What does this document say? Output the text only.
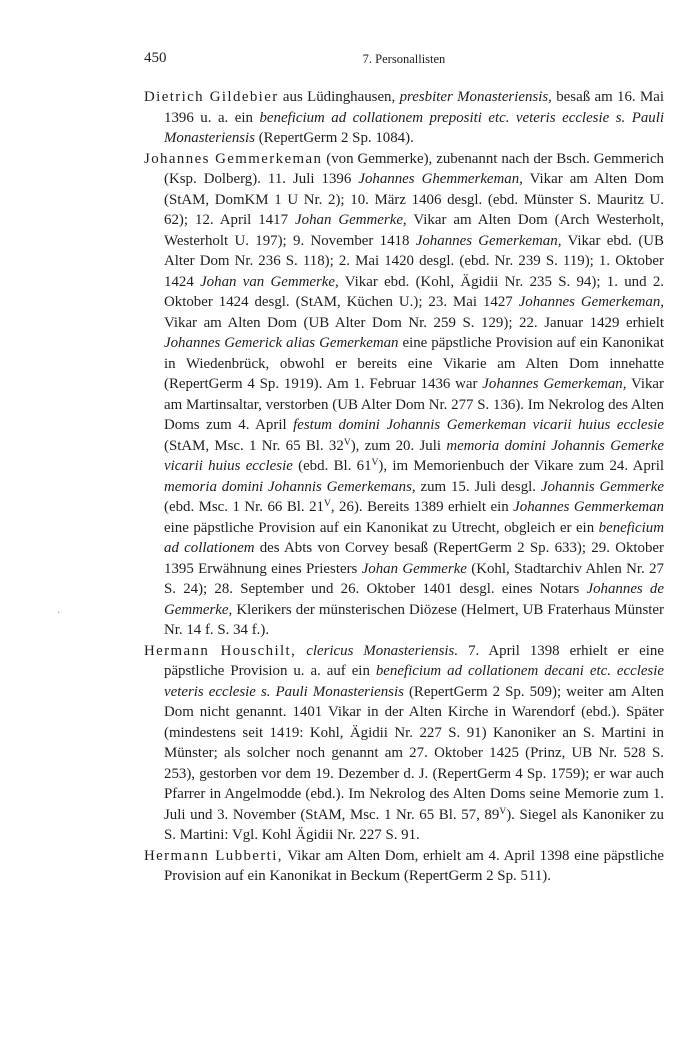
450	7. Personallisten
·

Dietrich Gildebier aus Lüdinghausen, presbiter Monasteriensis, besaß am 16. Mai 1396 u. a. ein beneficium ad collationem prepositi etc. veteris ecclesie s. Pauli Monasteriensis (RepertGerm 2 Sp. 1084).

Johannes Gemmerkeman (von Gemmerke), zubenannt nach der Bsch. Gemmerich (Ksp. Dolberg). 11. Juli 1396 Johannes Ghemmerkeman, Vikar am Alten Dom (StAM, DomKM 1 U Nr. 2); 10. März 1406 desgl. (ebd. Münster S. Mauritz U. 62); 12. April 1417 Johan Gemmerke, Vikar am Alten Dom (Arch Westerholt, Westerholt U. 197); 9. November 1418 Johannes Gemerkeman, Vikar ebd. (UB Alter Dom Nr. 236 S. 118); 2. Mai 1420 desgl. (ebd. Nr. 239 S. 119); 1. Oktober 1424 Johan van Gemmerke, Vikar ebd. (Kohl, Ägidii Nr. 235 S. 94); 1. und 2. Oktober 1424 desgl. (StAM, Küchen U.); 23. Mai 1427 Johannes Gemerkeman, Vikar am Alten Dom (UB Alter Dom Nr. 259 S. 129); 22. Januar 1429 erhielt Johannes Gemerick alias Gemerkeman eine päpstliche Provision auf ein Kanonikat in Wiedenbrück, obwohl er bereits eine Vikarie am Alten Dom innehatte (RepertGerm 4 Sp. 1919). Am 1. Februar 1436 war Johannes Gemerkeman, Vikar am Martinsaltar, verstorben (UB Alter Dom Nr. 277 S. 136). Im Nekrolog des Alten Doms zum 4. April festum domini Johannis Gemerkeman vicarii huius ecclesie (StAM, Msc. 1 Nr. 65 Bl. $32^V$), zum 20. Juli memoria domini Johannis Gemerke vicarii huius ecclesie (ebd. Bl. $61^V$), im Memorienbuch der Vikare zum 24. April memoria domini Johannis Gemerkemans, zum 15. Juli desgl. Johannis Gemmerke (ebd. Msc. 1 Nr. 66 Bl. $21^V$, 26). Bereits 1389 erhielt ein Johannes Gemmerkeman eine päpstliche Provision auf ein Kanonikat zu Utrecht, obgleich er ein beneficium ad collationem des Abts von Corvey besaß (RepertGerm 2 Sp. 633); 29. Oktober 1395 Erwähnung eines Priesters Johan Gemmerke (Kohl, Stadtarchiv Ahlen Nr. 27 S. 24); 28. September und 26. Oktober 1401 desgl. eines Notars Johannes de Gemmerke, Klerikers der münsterischen Diözese (Helmert, UB Fraterhaus Münster Nr. 14 f. S. 34 f.).

Hermann Houschilt, clericus Monasteriensis. 7. April 1398 erhielt er eine päpstliche Provision u. a. auf ein beneficium ad collationem decani etc. ecclesie veteris ecclesie s. Pauli Monasteriensis (RepertGerm 2 Sp. 509); weiter am Alten Dom nicht genannt. 1401 Vikar in der Alten Kirche in Warendorf (ebd.). Später (mindestens seit 1419: Kohl, Ägidii Nr. 227 S. 91) Kanoniker an S. Martini in Münster; als solcher noch genannt am 27. Oktober 1425 (Prinz, UB Nr. 528 S. 253), gestorben vor dem 19. Dezember d. J. (RepertGerm 4 Sp. 1759); er war auch Pfarrer in Angelmodde (ebd.). Im Nekrolog des Alten Doms seine Memorie zum 1. Juli und 3. November (StAM, Msc. 1 Nr. 65 Bl. 57, $89^V$). Siegel als Kanoniker zu S. Martini: Vgl. Kohl Ägidii Nr. 227 S. 91.

Hermann Lubberti, Vikar am Alten Dom, erhielt am 4. April 1398 eine päpstliche Provision auf ein Kanonikat in Beckum (RepertGerm 2 Sp. 511).
